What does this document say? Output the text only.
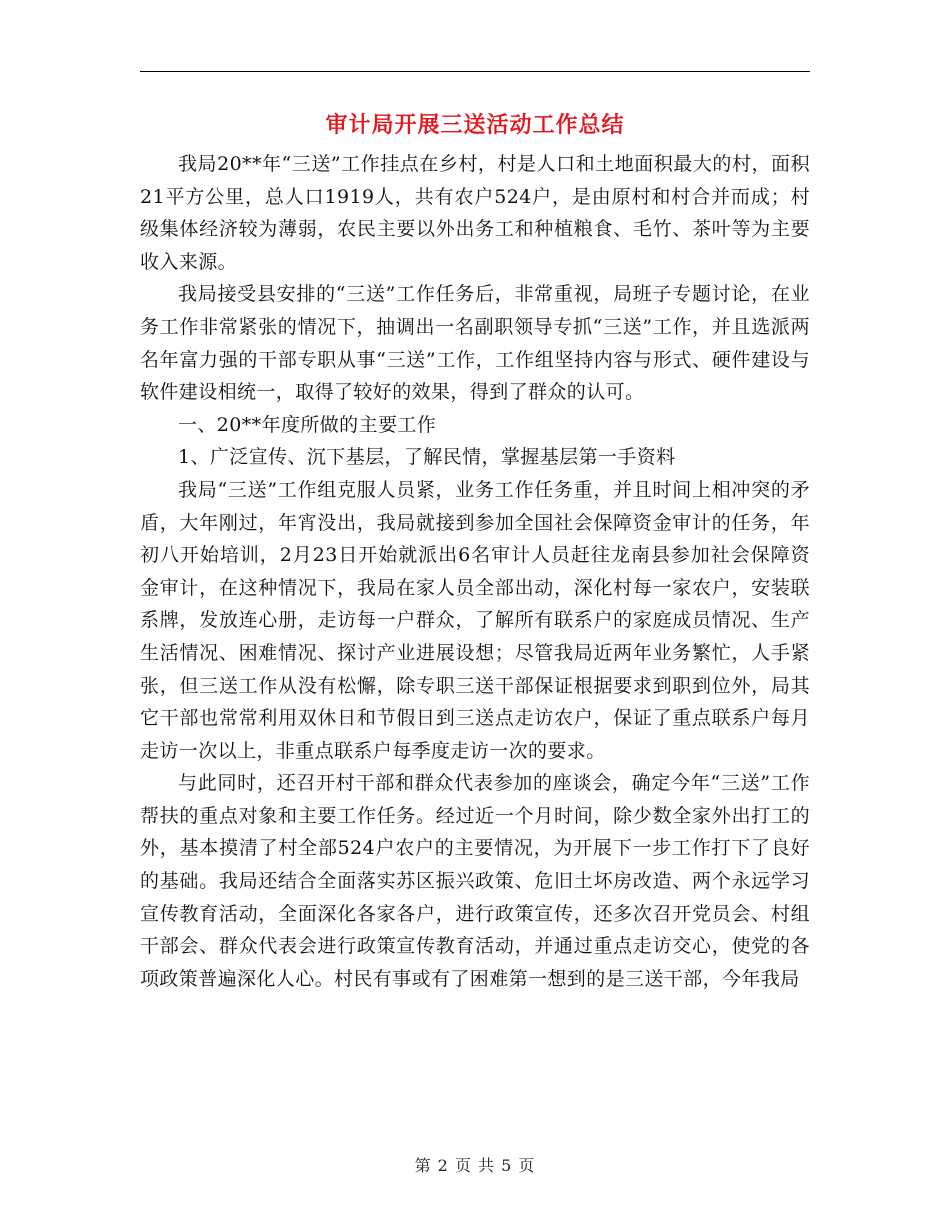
审计局开展三送活动工作总结

我局20**年“三送”工作挂点在乡村，村是人口和土地面积最大的村，面积21平方公里，总人口1919人，共有农户524户，是由原村和村合并而成；村级集体经济较为薄弱，农民主要以外出务工和种植粮食、毛竹、茶叶等为主要收入来源。

我局接受县安排的“三送”工作任务后，非常重视，局班子专题讨论，在业务工作非常紧张的情况下，抽调出一名副职领导专抓“三送”工作，并且选派两名年富力强的干部专职从事“三送”工作，工作组坚持内容与形式、硬件建设与软件建设相统一，取得了较好的效果，得到了群众的认可。

一、20**年度所做的主要工作

1、广泛宣传、沉下基层，了解民情，掌握基层第一手资料

我局“三送”工作组克服人员紧，业务工作任务重，并且时间上相冲突的矛盾，大年刚过，年宵没出，我局就接到参加全国社会保障资金审计的任务，年初八开始培训，2月23日开始就派出6名审计人员赶往龙南县参加社会保障资金审计，在这种情况下，我局在家人员全部出动，深化村每一家农户，安装联系牌，发放连心册，走访每一户群众，了解所有联系户的家庭成员情况、生产生活情况、困难情况、探讨产业进展设想；尽管我局近两年业务繁忙，人手紧张，但三送工作从没有松懈，除专职三送干部保证根据要求到职到位外，局其它干部也常常利用双休日和节假日到三送点走访农户，保证了重点联系户每月走访一次以上，非重点联系户每季度走访一次的要求。

与此同时，还召开村干部和群众代表参加的座谈会，确定今年“三送”工作帮扶的重点对象和主要工作任务。经过近一个月时间，除少数全家外出打工的外，基本摸清了村全部524户农户的主要情况，为开展下一步工作打下了良好的基础。我局还结合全面落实苏区振兴政策、危旧土坏房改造、两个永远学习宣传教育活动，全面深化各家各户，进行政策宣传，还多次召开党员会、村组干部会、群众代表会进行政策宣传教育活动，并通过重点走访交心，使党的各项政策普遍深化人心。村民有事或有了困难第一想到的是三送干部，今年我局

第 2 页 共 5 页
